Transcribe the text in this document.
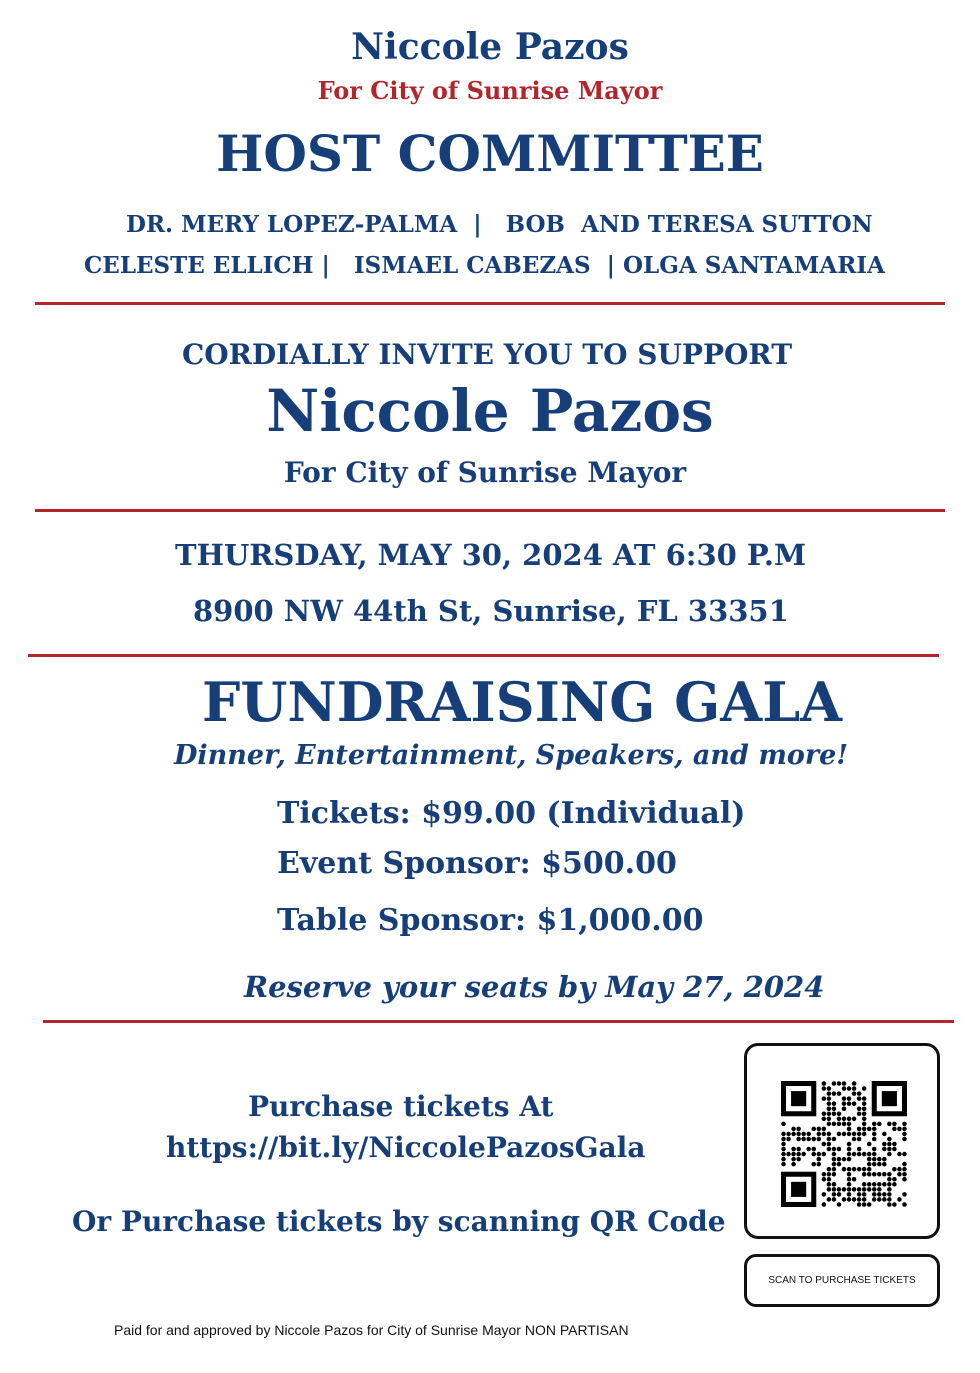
Niccole Pazos
For City of Sunrise Mayor
HOST COMMITTEE
DR. MERY LOPEZ-PALMA  |   BOB  AND TERESA SUTTON
CELESTE ELLICH |   ISMAEL CABEZAS  | OLGA SANTAMARIA
CORDIALLY INVITE YOU TO SUPPORT
Niccole Pazos
For City of Sunrise Mayor
THURSDAY, MAY 30, 2024 AT 6:30 P.M
8900 NW 44th St, Sunrise, FL 33351
FUNDRAISING GALA
Dinner, Entertainment, Speakers, and more!
Tickets: $99.00 (Individual)
Event Sponsor: $500.00
Table Sponsor: $1,000.00
Reserve your seats by May 27, 2024
Purchase tickets At
https://bit.ly/NiccolePazosGala
Or Purchase tickets by scanning QR Code
SCAN TO PURCHASE TICKETS
Paid for and approved by Niccole Pazos for City of Sunrise Mayor NON PARTISAN
